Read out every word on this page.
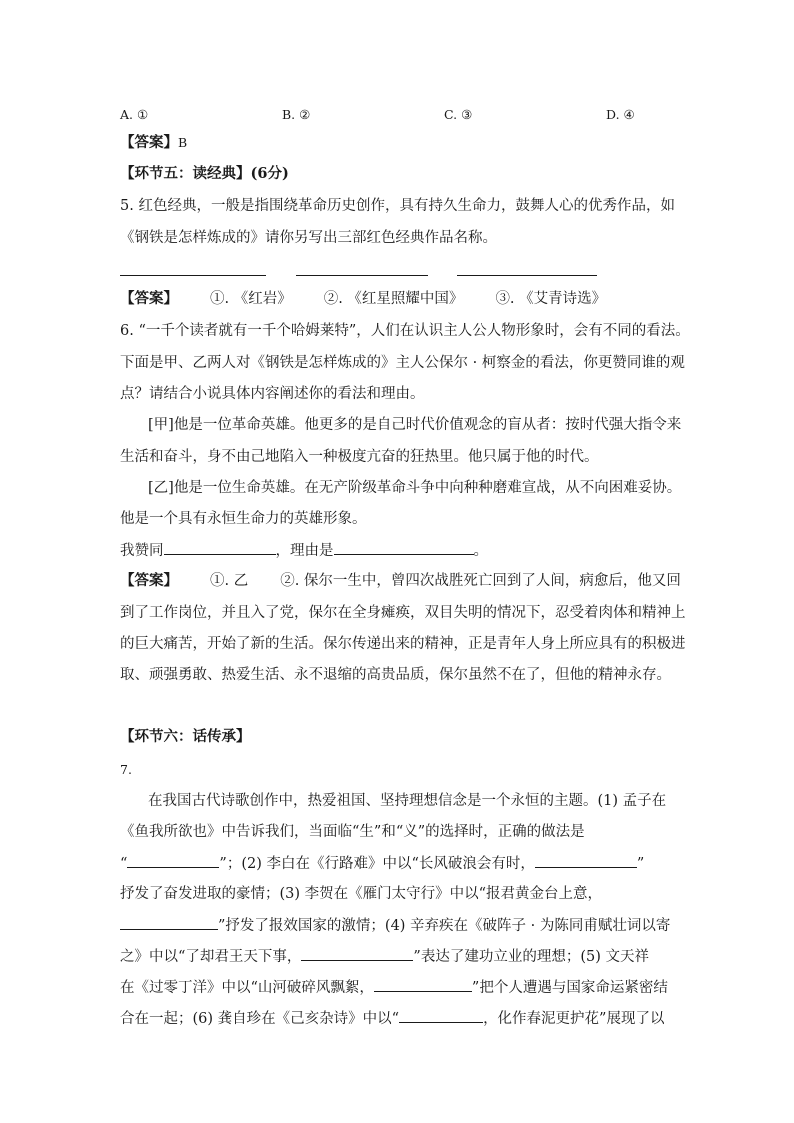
A. ①	B. ②	C. ③	D. ④
【答案】B
【环节五：读经典】(6分)
5. 红色经典，一般是指围绕革命历史创作，具有持久生命力，鼓舞人心的优秀作品，如
《钢铁是怎样炼成的》请你另写出三部红色经典作品名称。
【答案】 ①. 《红岩》 ②. 《红星照耀中国》 ③. 《艾青诗选》
6. “一千个读者就有一千个哈姆莱特”，人们在认识主人公人物形象时，会有不同的看法。
下面是甲、乙两人对《钢铁是怎样炼成的》主人公保尔 · 柯察金的看法，你更赞同谁的观
点？请结合小说具体内容阐述你的看法和理由。
[甲]他是一位革命英雄。他更多的是自己时代价值观念的盲从者：按时代强大指令来
生活和奋斗，身不由己地陷入一种极度亢奋的狂热里。他只属于他的时代。
[乙]他是一位生命英雄。在无产阶级革命斗争中向种种磨难宣战，从不向困难妥协。
他是一个具有永恒生命力的英雄形象。
我赞同	，理由是	。
【答案】 ①. 乙 ②. 保尔一生中，曾四次战胜死亡回到了人间，病愈后，他又回
到了工作岗位，并且入了党，保尔在全身瘫痪，双目失明的情况下，忍受着肉体和精神上
的巨大痛苦，开始了新的生活。保尔传递出来的精神，正是青年人身上所应具有的积极进
取、顽强勇敢、热爱生活、永不退缩的高贵品质，保尔虽然不在了，但他的精神永存。
【环节六：话传承】
7.
在我国古代诗歌创作中，热爱祖国、坚持理想信念是一个永恒的主题。(1) 孟子在
《鱼我所欲也》中告诉我们，当面临“生”和“义”的选择时，正确的做法是
“	”；(2) 李白在《行路难》中以“长风破浪会有时，	”
抒发了奋发进取的豪情；(3) 李贺在《雁门太守行》中以“报君黄金台上意，
”抒发了报效国家的激情；(4) 辛弃疾在《破阵子 · 为陈同甫赋壮词以寄
之》中以“了却君王天下事，	”表达了建功立业的理想；(5) 文天祥
在《过零丁洋》中以“山河破碎风飘絮，	”把个人遭遇与国家命运紧密结
合在一起；(6) 龚自珍在《己亥杂诗》中以“	，化作春泥更护花”展现了以
